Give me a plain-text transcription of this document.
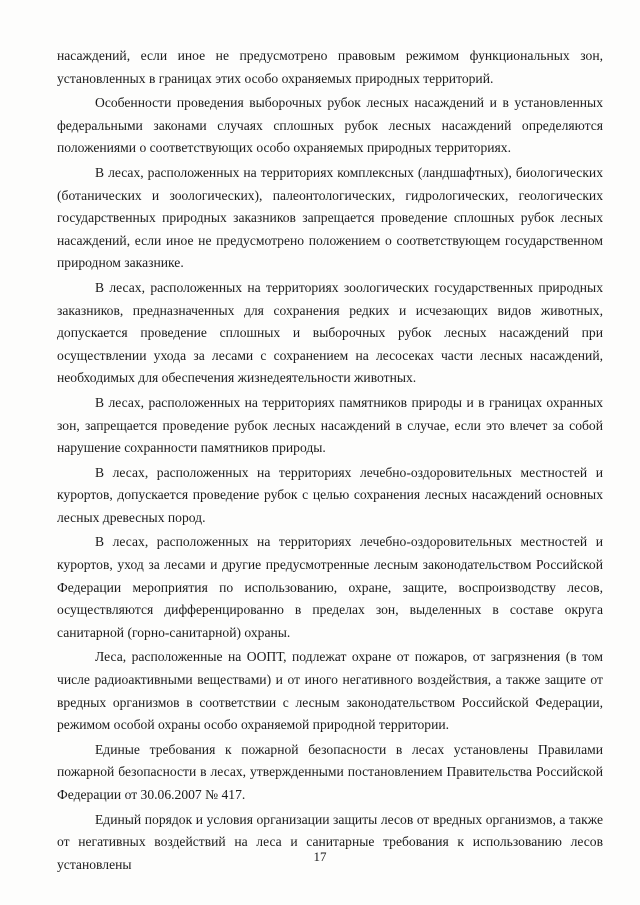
насаждений, если иное не предусмотрено правовым режимом функциональных зон, установленных в границах этих особо охраняемых природных территорий.

Особенности проведения выборочных рубок лесных насаждений и в установленных федеральными законами случаях сплошных рубок лесных насаждений определяются положениями о соответствующих особо охраняемых природных территориях.

В лесах, расположенных на территориях комплексных (ландшафтных), биологических (ботанических и зоологических), палеонтологических, гидрологических, геологических государственных природных заказников запрещается проведение сплошных рубок лесных насаждений, если иное не предусмотрено положением о соответствующем государственном природном заказнике.

В лесах, расположенных на территориях зоологических государственных природных заказников, предназначенных для сохранения редких и исчезающих видов животных, допускается проведение сплошных и выборочных рубок лесных насаждений при осуществлении ухода за лесами с сохранением на лесосеках части лесных насаждений, необходимых для обеспечения жизнедеятельности животных.

В лесах, расположенных на территориях памятников природы и в границах охранных зон, запрещается проведение рубок лесных насаждений в случае, если это влечет за собой нарушение сохранности памятников природы.

В лесах, расположенных на территориях лечебно-оздоровительных местностей и курортов, допускается проведение рубок с целью сохранения лесных насаждений основных лесных древесных пород.

В лесах, расположенных на территориях лечебно-оздоровительных местностей и курортов, уход за лесами и другие предусмотренные лесным законодательством Российской Федерации мероприятия по использованию, охране, защите, воспроизводству лесов, осуществляются дифференцированно в пределах зон, выделенных в составе округа санитарной (горно-санитарной) охраны.

Леса, расположенные на ООПТ, подлежат охране от пожаров, от загрязнения (в том числе радиоактивными веществами) и от иного негативного воздействия, а также защите от вредных организмов в соответствии с лесным законодательством Российской Федерации, режимом особой охраны особо охраняемой природной территории.

Единые требования к пожарной безопасности в лесах установлены Правилами пожарной безопасности в лесах, утвержденными постановлением Правительства Российской Федерации от 30.06.2007 № 417.

Единый порядок и условия организации защиты лесов от вредных организмов, а также от негативных воздействий на леса и санитарные требования к использованию лесов установлены

17
